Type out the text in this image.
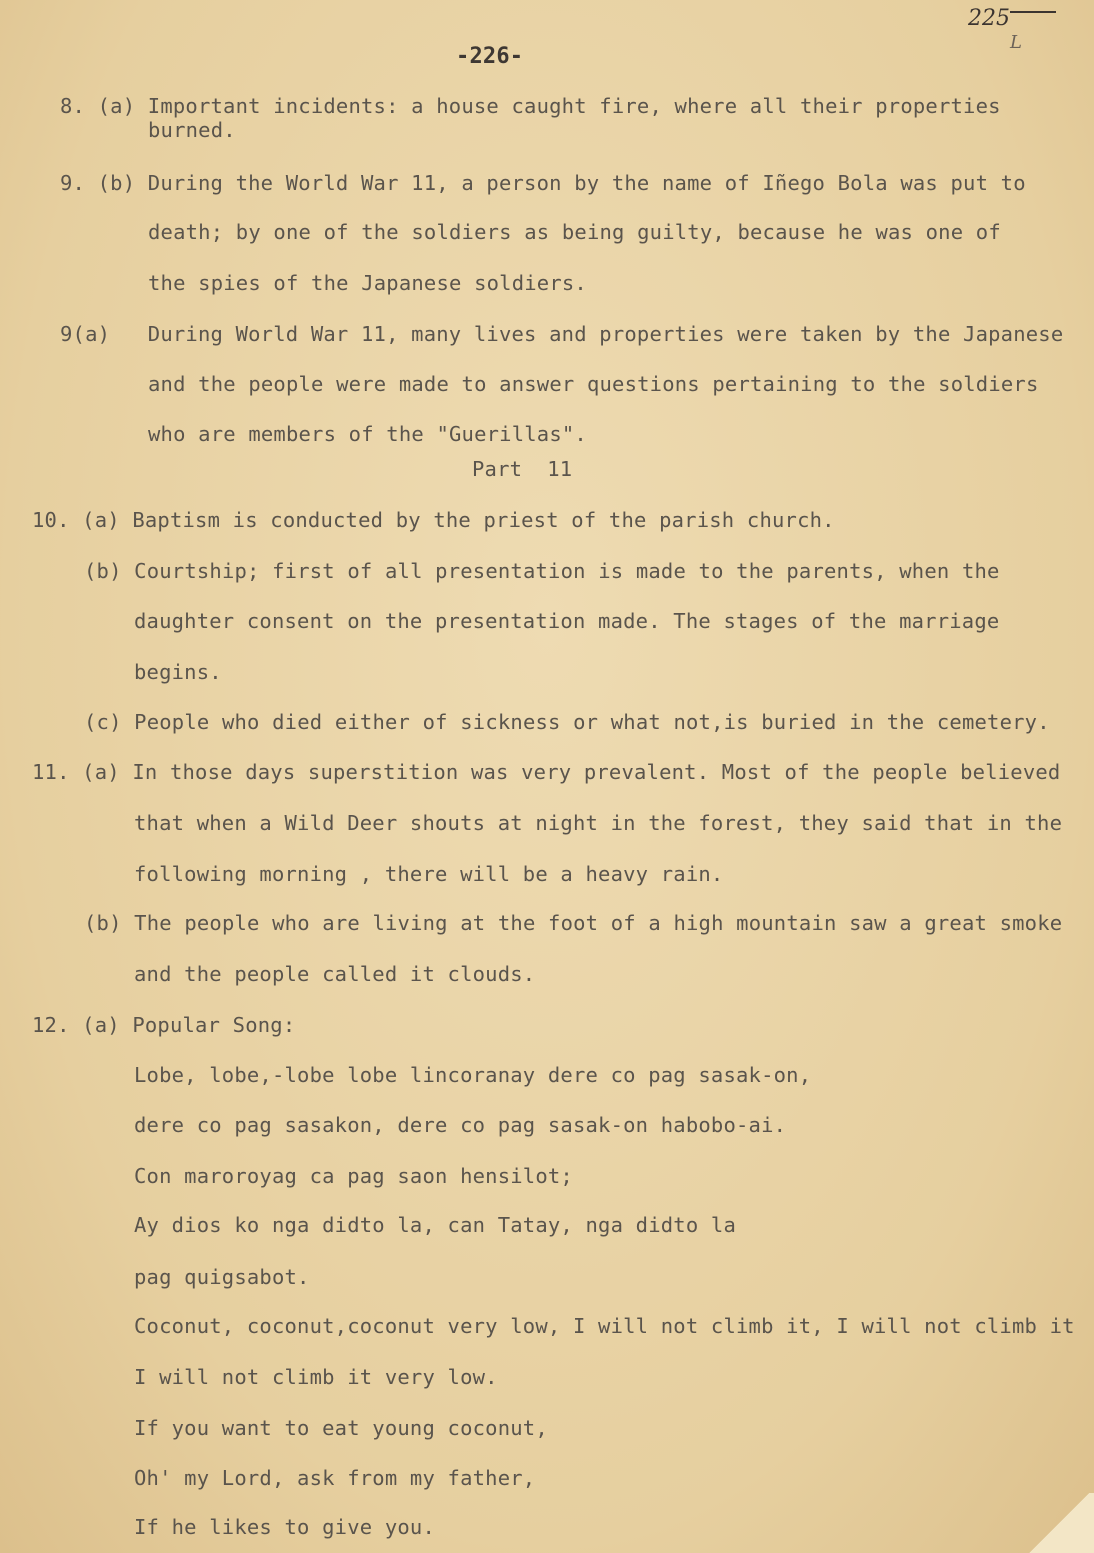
225
L
-226-
8. (a) Important incidents: a house caught fire, where all their properties
burned.
9. (b) During the World War 11, a person by the name of Iñego Bola was put to
death; by one of the soldiers as being guilty, because he was one of
the spies of the Japanese soldiers.
9(a)   During World War 11, many lives and properties were taken by the Japanese
and the people were made to answer questions pertaining to the soldiers
who are members of the "Guerillas".
Part  11
10. (a) Baptism is conducted by the priest of the parish church.
(b) Courtship; first of all presentation is made to the parents, when the
daughter consent on the presentation made. The stages of the marriage
begins.
(c) People who died either of sickness or what not,is buried in the cemetery.
11. (a) In those days superstition was very prevalent. Most of the people believed
that when a Wild Deer shouts at night in the forest, they said that in the
following morning , there will be a heavy rain.
(b) The people who are living at the foot of a high mountain saw a great smoke
and the people called it clouds.
12. (a) Popular Song:
Lobe, lobe,-lobe lobe lincoranay dere co pag sasak-on,
dere co pag sasakon, dere co pag sasak-on habobo-ai.
Con maroroyag ca pag saon hensilot;
Ay dios ko nga didto la, can Tatay, nga didto la
pag quigsabot.
Coconut, coconut,coconut very low, I will not climb it, I will not climb it
I will not climb it very low.
If you want to eat young coconut,
Oh' my Lord, ask from my father,
If he likes to give you.
